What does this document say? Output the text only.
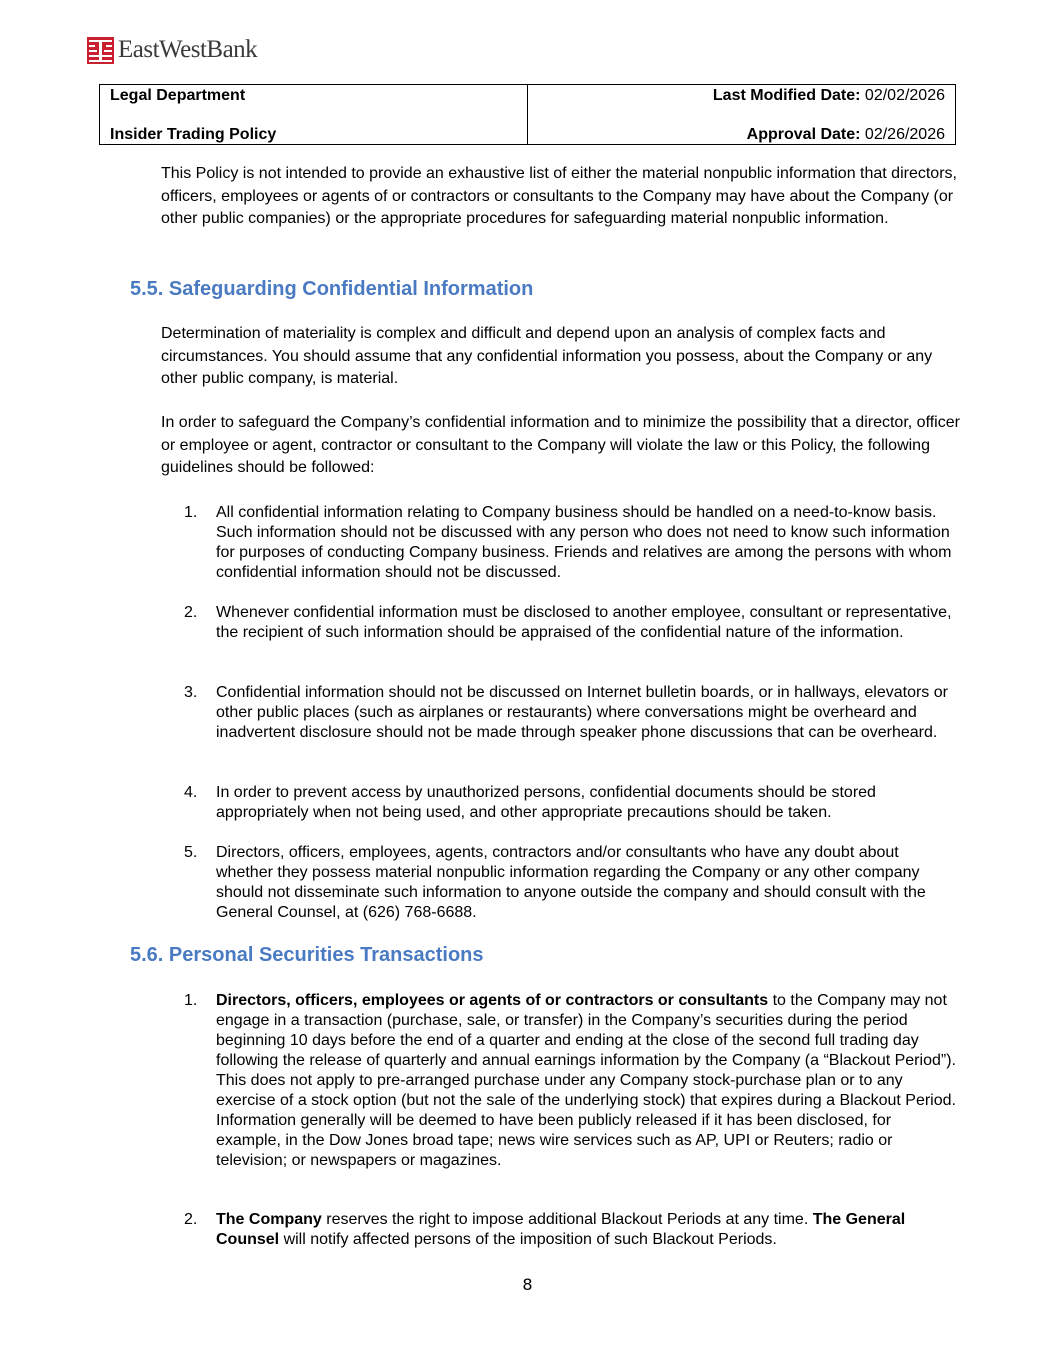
EastWestBank
Legal Department
Insider Trading Policy
Last Modified Date: 02/02/2026
Approval Date: 02/26/2026

This Policy is not intended to provide an exhaustive list of either the material nonpublic information that directors, officers, employees or agents of or contractors or consultants to the Company may have about the Company (or other public companies) or the appropriate procedures for safeguarding material nonpublic information.

5.5. Safeguarding Confidential Information

Determination of materiality is complex and difficult and depend upon an analysis of complex facts and circumstances. You should assume that any confidential information you possess, about the Company or any other public company, is material.

In order to safeguard the Company’s confidential information and to minimize the possibility that a director, officer or employee or agent, contractor or consultant to the Company will violate the law or this Policy, the following guidelines should be followed:

1. All confidential information relating to Company business should be handled on a need-to-know basis. Such information should not be discussed with any person who does not need to know such information for purposes of conducting Company business. Friends and relatives are among the persons with whom confidential information should not be discussed.
2. Whenever confidential information must be disclosed to another employee, consultant or representative, the recipient of such information should be appraised of the confidential nature of the information.
3. Confidential information should not be discussed on Internet bulletin boards, or in hallways, elevators or other public places (such as airplanes or restaurants) where conversations might be overheard and inadvertent disclosure should not be made through speaker phone discussions that can be overheard.
4. In order to prevent access by unauthorized persons, confidential documents should be stored appropriately when not being used, and other appropriate precautions should be taken.
5. Directors, officers, employees, agents, contractors and/or consultants who have any doubt about whether they possess material nonpublic information regarding the Company or any other company should not disseminate such information to anyone outside the company and should consult with the General Counsel, at (626) 768-6688.
5.6. Personal Securities Transactions
1. Directors, officers, employees or agents of or contractors or consultants to the Company may not engage in a transaction (purchase, sale, or transfer) in the Company’s securities during the period beginning 10 days before the end of a quarter and ending at the close of the second full trading day following the release of quarterly and annual earnings information by the Company (a “Blackout Period”). This does not apply to pre-arranged purchase under any Company stock-purchase plan or to any exercise of a stock option (but not the sale of the underlying stock) that expires during a Blackout Period. Information generally will be deemed to have been publicly released if it has been disclosed, for example, in the Dow Jones broad tape; news wire services such as AP, UPI or Reuters; radio or television; or newspapers or magazines.
2. The Company reserves the right to impose additional Blackout Periods at any time. The General Counsel will notify affected persons of the imposition of such Blackout Periods.
8
